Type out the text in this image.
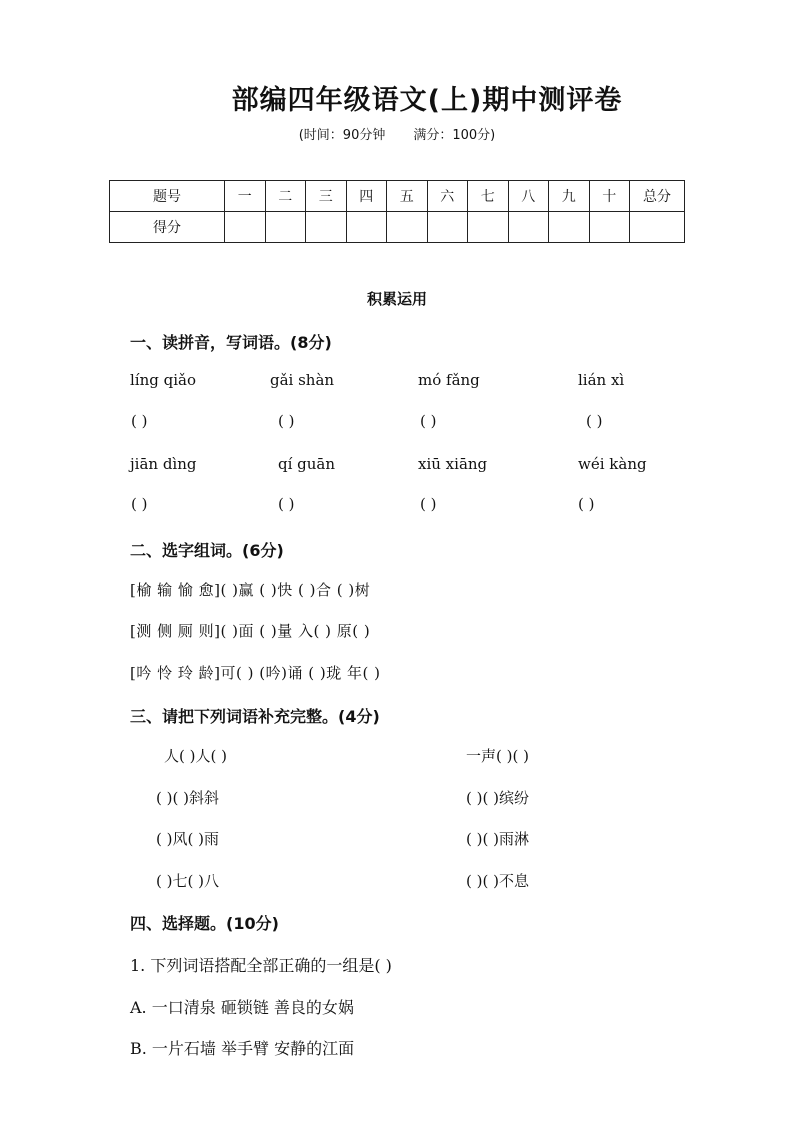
部编四年级语文(上)期中测评卷
(时间：90分钟 满分：100分)
题号	一	二	三	四	五	六	七	八	九	十	总分
得分											
积累运用
一、读拼音，写词语。(8分)
líng qiǎo	gǎi shàn	mó fǎng	lián xì
( )	( )	( )	( )
jiān dìng	qí guān	xiū xiāng	wéi kàng
( )	( )	( )	( )
二、选字组词。(6分)
[榆 输 愉 愈]( )赢 ( )快 ( )合 ( )树
[测 侧 厕 则]( )面 ( )量 入( ) 原( )
[吟 怜 玲 龄]可( ) (吟)诵 ( )珑 年( )
三、请把下列词语补充完整。(4分)
人( )人( )	一声( )( )
( )( )斜斜	( )( )缤纷
( )风( )雨	( )( )雨淋
( )七( )八	( )( )不息
四、选择题。(10分)
1. 下列词语搭配全部正确的一组是( )
A. 一口清泉 砸锁链 善良的女娲
B. 一片石墙 举手臂 安静的江面
